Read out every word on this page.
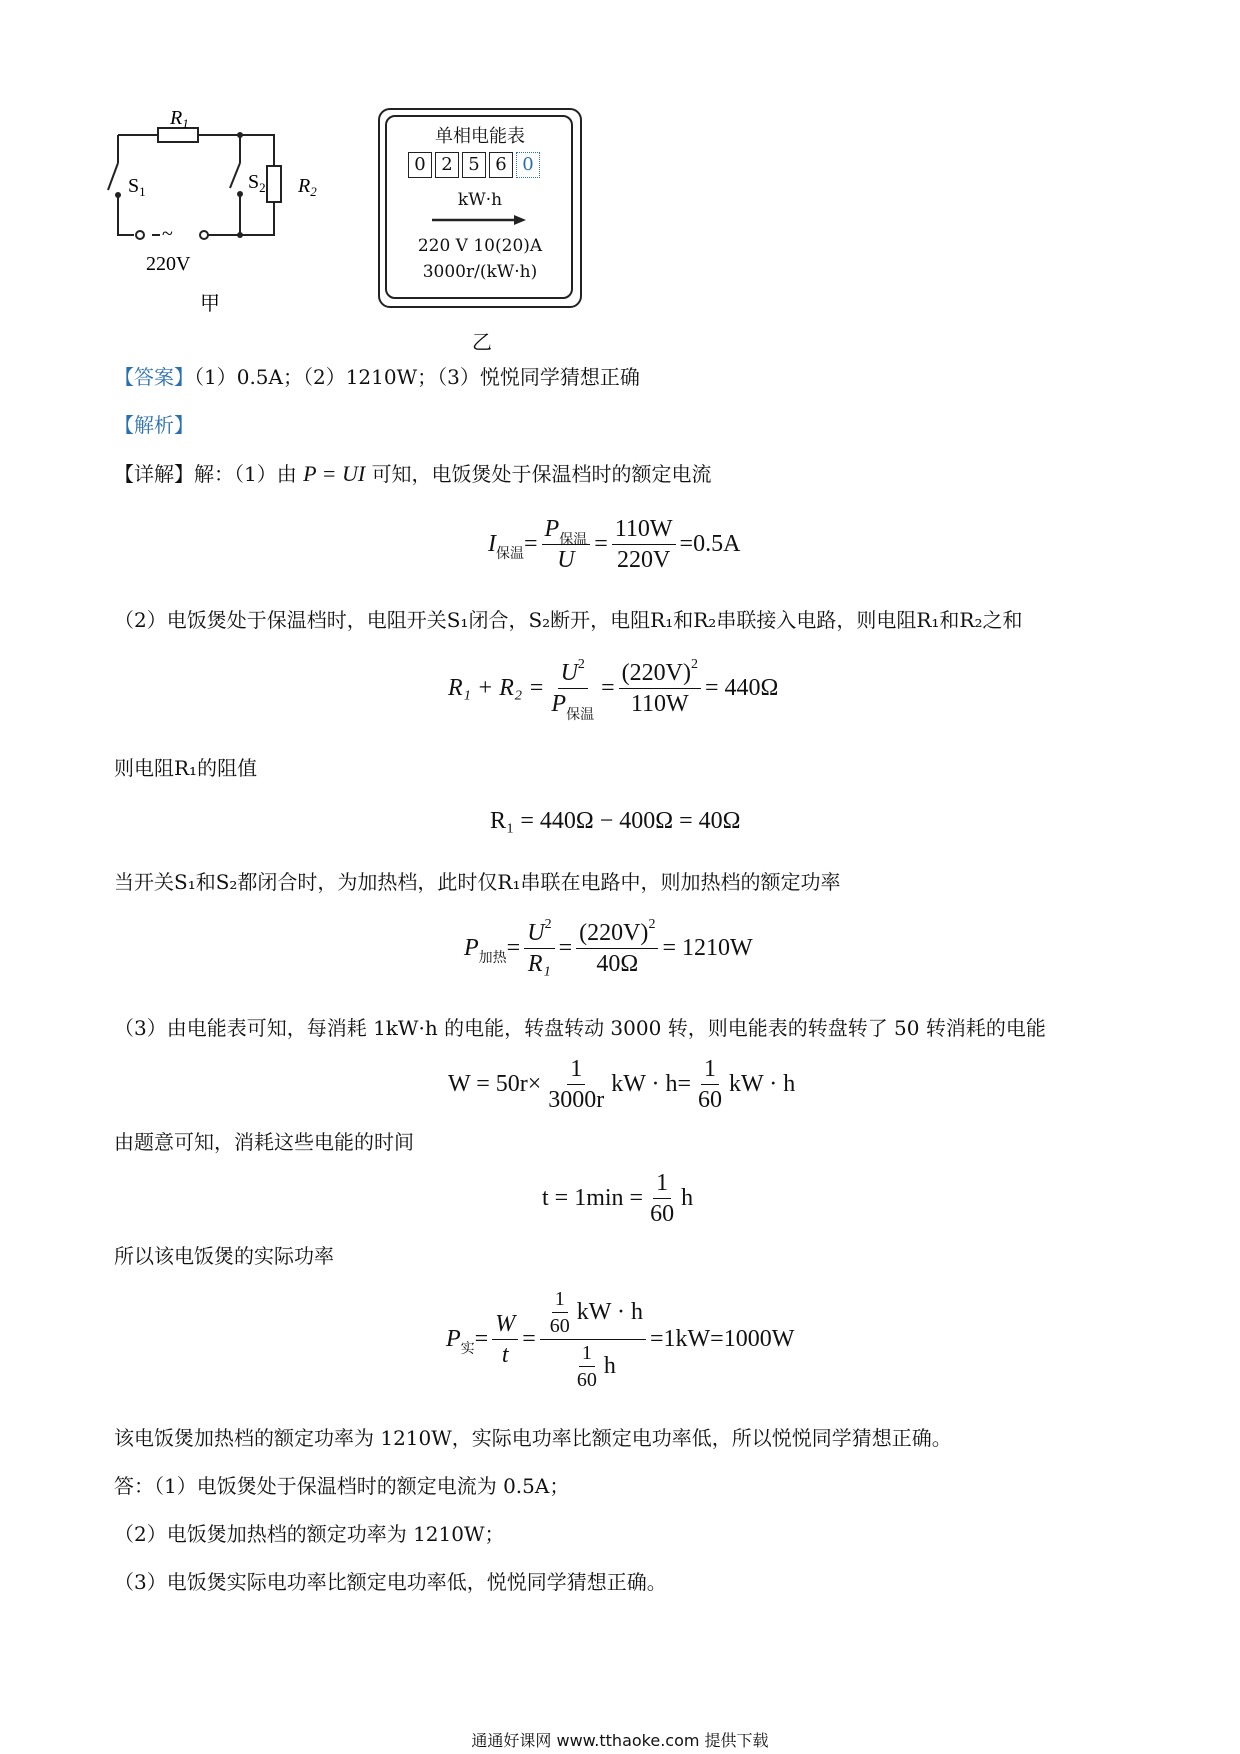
$R_1$
$R_2$
$S_1$	$S_2$
~
220V
甲
单相电能表
0 2 5 6 0
kW·h
220 V 10(20)A
3000r/(kW·h)
乙
【答案】（1）0.5A；（2）1210W；（3）悦悦同学猜想正确
【解析】
【详解】解：（1）由 P = UI 可知，电饭煲处于保温档时的额定电流
I 保温 = $\frac{P_{保温}}{U} = \frac{110W}{220V} =0.5A$
（2）电饭煲处于保温档时，电阻开关S₁闭合，S₂断开，电阻R₁和R₂串联接入电路，则电阻R₁和R₂之和
$R_1 + R_2 = \frac{U^2}{P_{保温}} = \frac{(220V)^2}{110W} = 440\Omega$
则电阻R₁的阻值
R₁ = 440Ω − 400Ω = 40Ω
当开关S₁和S₂都闭合时，为加热档，此时仅R₁串联在电路中，则加热档的额定功率
P 加热 = $\frac{U^2}{\text{R₁}} = \frac{(220V)^2}{40\Omega} = 1210W$
（3）由电能表可知，每消耗 1kW·h 的电能，转盘转动 3000 转，则电能表的转盘转了 50 转消耗的电能
$W = 50r\times \frac{1}{3000r}$ kW · $h= \frac{1}{60}$ kW · h
由题意可知，消耗这些电能的时间
$t = 1\min = \frac{1}{60}$ h
所以该电饭煲的实际功率
P 实 = $\frac{W}{t} = \frac{\frac{1}{60} kW \cdot h}{\frac{1}{60} h} =1kW=1000W$
该电饭煲加热档的额定功率为 1210W，实际电功率比额定电功率低，所以悦悦同学猜想正确。
答：（1）电饭煲处于保温档时的额定电流为 0.5A；
（2）电饭煲加热档的额定功率为 1210W；
（3）电饭煲实际电功率比额定电功率低，悦悦同学猜想正确。
通通好课网 www.tthaoke.com 提供下载
